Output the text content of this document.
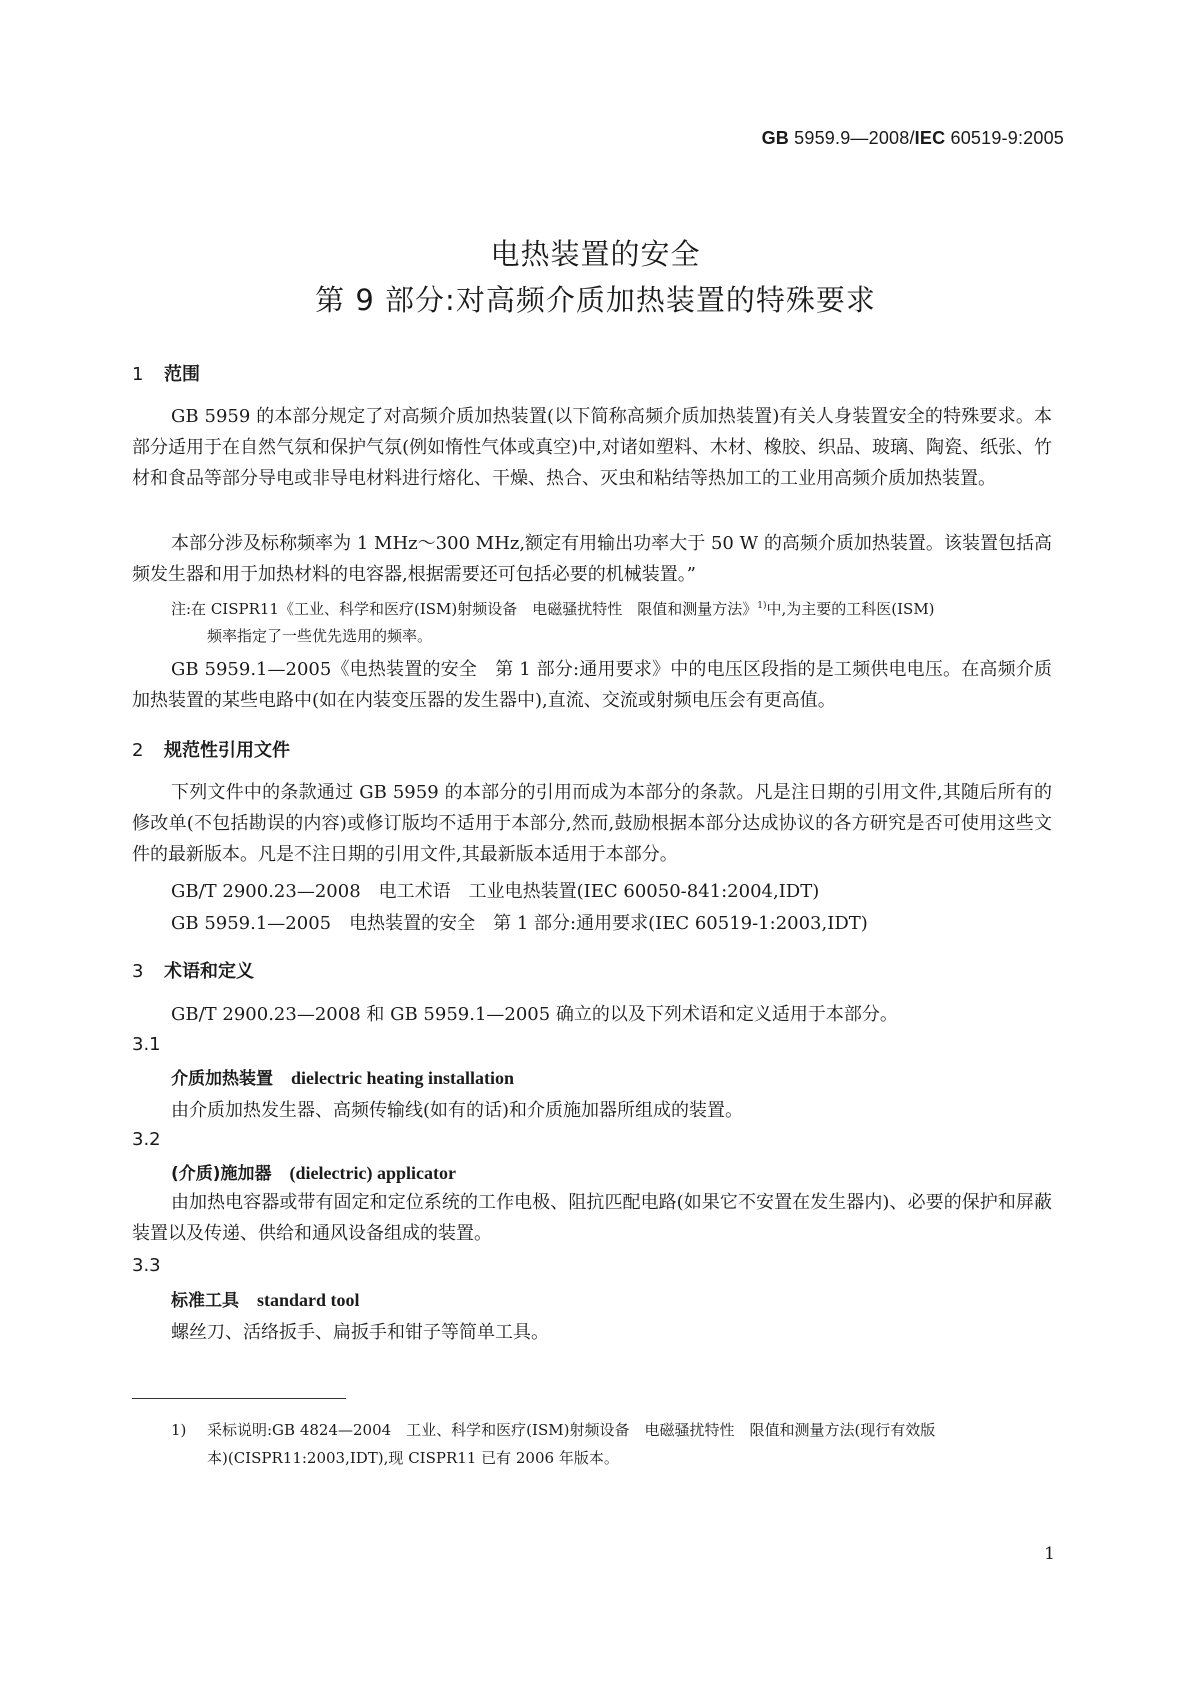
GB 5959.9—2008/IEC 60519-9:2005
电热装置的安全
第 9 部分:对高频介质加热装置的特殊要求
1 范围
GB 5959 的本部分规定了对高频介质加热装置(以下简称高频介质加热装置)有关人身装置安全的特殊要求。本部分适用于在自然气氛和保护气氛(例如惰性气体或真空)中,对诸如塑料、木材、橡胶、织品、玻璃、陶瓷、纸张、竹材和食品等部分导电或非导电材料进行熔化、干燥、热合、灭虫和粘结等热加工的工业用高频介质加热装置。
本部分涉及标称频率为 1 MHz～300 MHz,额定有用输出功率大于 50 W 的高频介质加热装置。该装置包括高频发生器和用于加热材料的电容器,根据需要还可包括必要的机械装置。”
注:在 CISPR11《工业、科学和医疗(ISM)射频设备　电磁骚扰特性　限值和测量方法》$^{1)}$中,为主要的工科医(ISM)
频率指定了一些优先选用的频率。
GB 5959.1—2005《电热装置的安全　第 1 部分:通用要求》中的电压区段指的是工频供电电压。在高频介质加热装置的某些电路中(如在内装变压器的发生器中),直流、交流或射频电压会有更高值。
2 规范性引用文件
下列文件中的条款通过 GB 5959 的本部分的引用而成为本部分的条款。凡是注日期的引用文件,其随后所有的修改单(不包括勘误的内容)或修订版均不适用于本部分,然而,鼓励根据本部分达成协议的各方研究是否可使用这些文件的最新版本。凡是不注日期的引用文件,其最新版本适用于本部分。
GB/T 2900.23—2008　电工术语　工业电热装置(IEC 60050-841:2004,IDT)
GB 5959.1—2005　电热装置的安全　第 1 部分:通用要求(IEC 60519-1:2003,IDT)
3 术语和定义
GB/T 2900.23—2008 和 GB 5959.1—2005 确立的以及下列术语和定义适用于本部分。
3.1
介质加热装置 dielectric heating installation
由介质加热发生器、高频传输线(如有的话)和介质施加器所组成的装置。
3.2
(介质)施加器 (dielectric) applicator
由加热电容器或带有固定和定位系统的工作电极、阻抗匹配电路(如果它不安置在发生器内)、必要的保护和屏蔽装置以及传递、供给和通风设备组成的装置。
3.3
标准工具 standard tool
螺丝刀、活络扳手、扁扳手和钳子等简单工具。
1) 采标说明:GB 4824—2004　工业、科学和医疗(ISM)射频设备　电磁骚扰特性　限值和测量方法(现行有效版
本)(CISPR11:2003,IDT),现 CISPR11 已有 2006 年版本。
1
